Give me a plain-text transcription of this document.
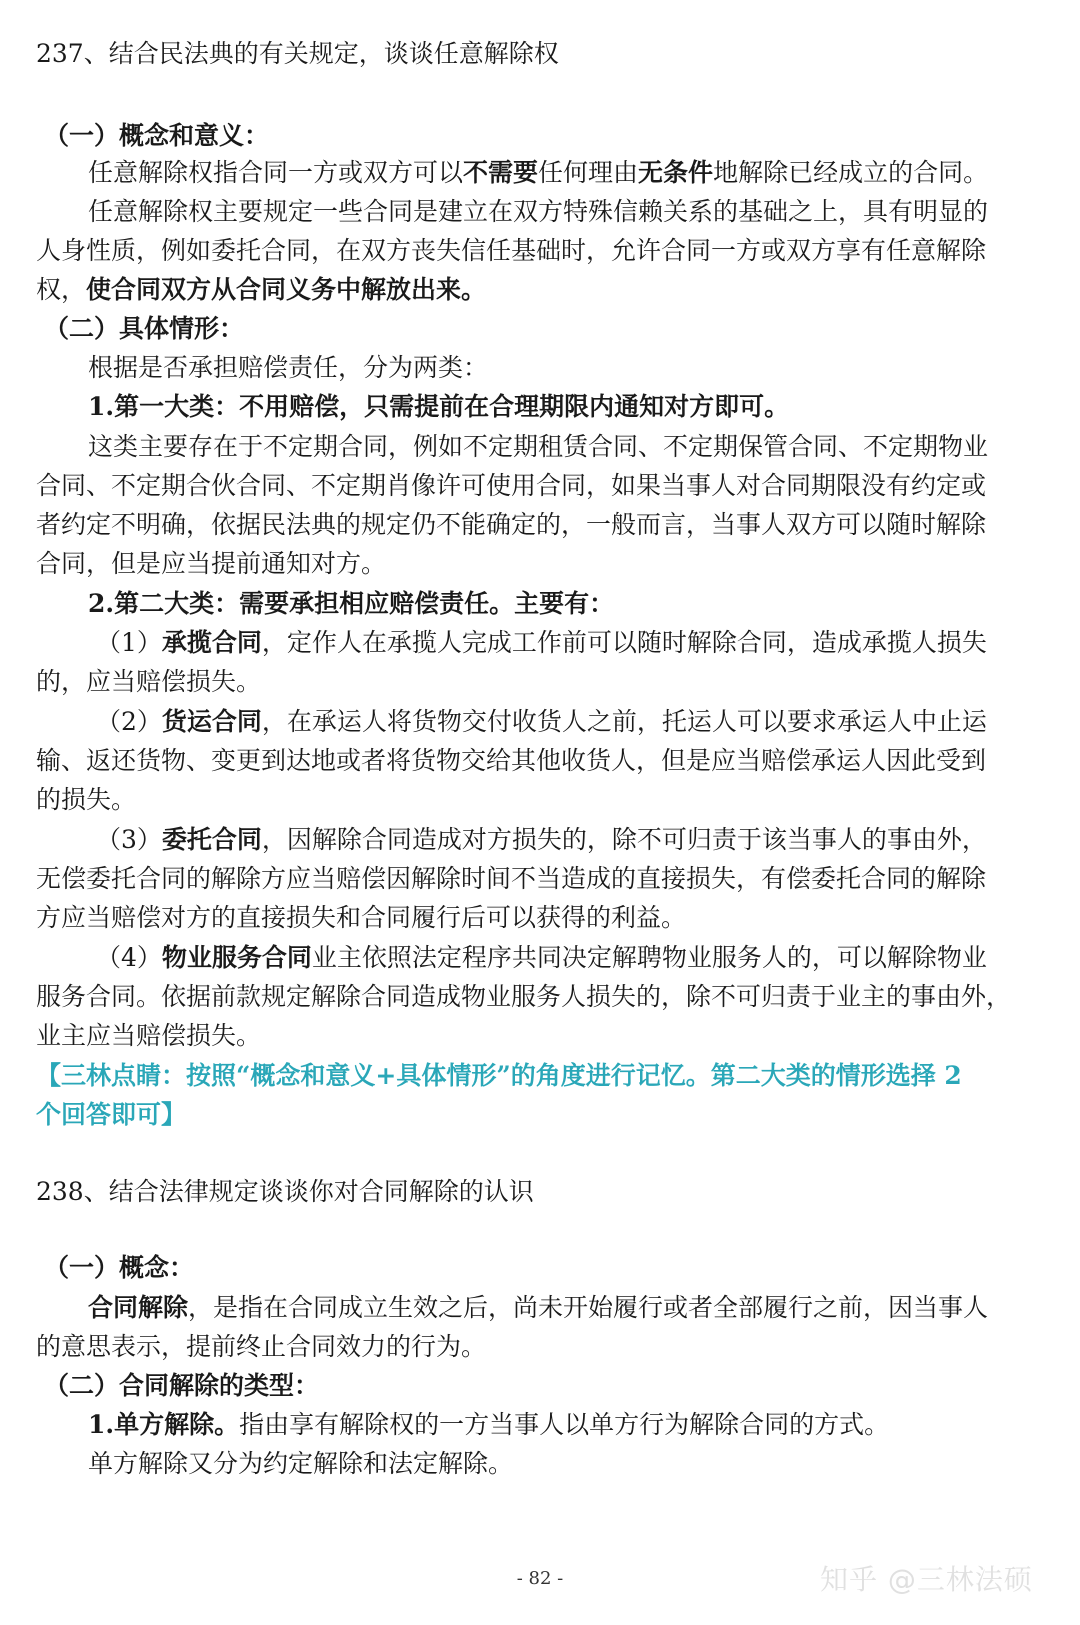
237、结合民法典的有关规定，谈谈任意解除权

（一）概念和意义：

任意解除权指合同一方或双方可以不需要任何理由无条件地解除已经成立的合同。

任意解除权主要规定一些合同是建立在双方特殊信赖关系的基础之上，具有明显的

人身性质，例如委托合同，在双方丧失信任基础时，允许合同一方或双方享有任意解除

权，使合同双方从合同义务中解放出来。

（二）具体情形：

根据是否承担赔偿责任，分为两类：

1.第一大类：不用赔偿，只需提前在合理期限内通知对方即可。

这类主要存在于不定期合同，例如不定期租赁合同、不定期保管合同、不定期物业

合同、不定期合伙合同、不定期肖像许可使用合同，如果当事人对合同期限没有约定或

者约定不明确，依据民法典的规定仍不能确定的，一般而言，当事人双方可以随时解除

合同，但是应当提前通知对方。

2.第二大类：需要承担相应赔偿责任。主要有：

（1）承揽合同，定作人在承揽人完成工作前可以随时解除合同，造成承揽人损失

的，应当赔偿损失。

（2）货运合同，在承运人将货物交付收货人之前，托运人可以要求承运人中止运

输、返还货物、变更到达地或者将货物交给其他收货人，但是应当赔偿承运人因此受到

的损失。

（3）委托合同，因解除合同造成对方损失的，除不可归责于该当事人的事由外，

无偿委托合同的解除方应当赔偿因解除时间不当造成的直接损失，有偿委托合同的解除

方应当赔偿对方的直接损失和合同履行后可以获得的利益。

（4）物业服务合同业主依照法定程序共同决定解聘物业服务人的，可以解除物业

服务合同。依据前款规定解除合同造成物业服务人损失的，除不可归责于业主的事由外，

业主应当赔偿损失。

【三林点睛：按照“概念和意义+具体情形”的角度进行记忆。第二大类的情形选择 2

个回答即可】

238、结合法律规定谈谈你对合同解除的认识

（一）概念：

合同解除，是指在合同成立生效之后，尚未开始履行或者全部履行之前，因当事人

的意思表示，提前终止合同效力的行为。

（二）合同解除的类型：

1.单方解除。指由享有解除权的一方当事人以单方行为解除合同的方式。

单方解除又分为约定解除和法定解除。

- 82 -	知乎 @三林法硕
